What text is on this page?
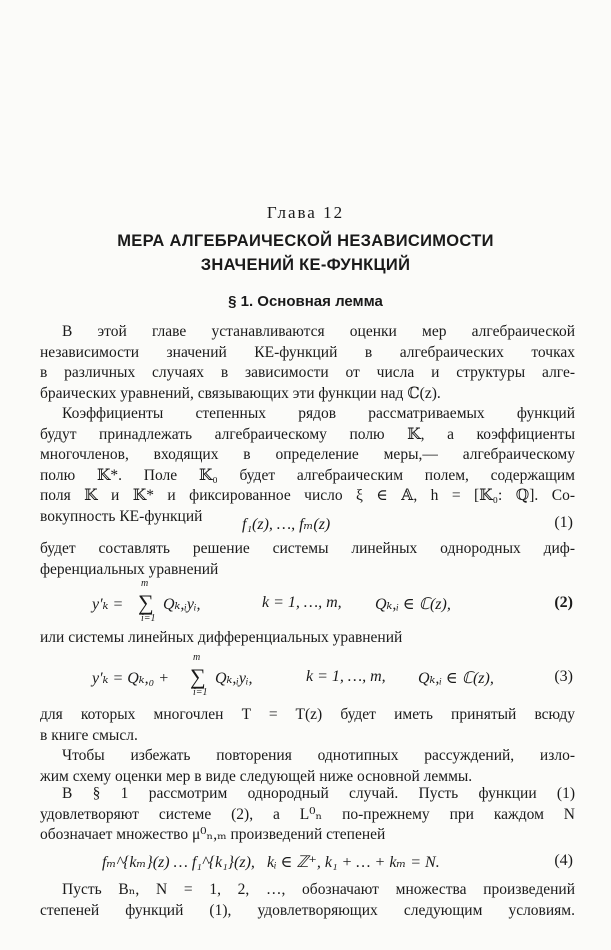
Глава 12
МЕРА АЛГЕБРАИЧЕСКОЙ НЕЗАВИСИМОСТИ
ЗНАЧЕНИЙ КЕ-ФУНКЦИЙ
§ 1. Основная лемма
В этой главе устанавливаются оценки мер алгебраической
независимости значений КЕ-функций в алгебраических точках
в различных случаях в зависимости от числа и структуры алге-
браических уравнений, связывающих эти функции над ℂ(z).
Коэффициенты степенных рядов рассматриваемых функций
будут принадлежать алгебраическому полю 𝕂, а коэффициенты
многочленов, входящих в определение меры,— алгебраическому
полю 𝕂*. Поле 𝕂₀ будет алгебраическим полем, содержащим
поля 𝕂 и 𝕂* и фиксированное число ξ ∈ 𝔸, h = [𝕂₀: ℚ]. Со-
вокупность КЕ-функций	f₁(z), …, fₘ(z)	(1)
будет составлять решение системы линейных однородных диф-
ференциальных уравнений
y′ₖ = ∑
m
i=1
Qₖ,ᵢyᵢ,	k = 1, …, m, Qₖ,ᵢ ∈ ℂ(z),	(2)
или системы линейных дифференциальных уравнений
y′ₖ = Qₖ,₀ + ∑
m
i=1
Qₖ,ᵢyᵢ,	k = 1, …, m, Qₖ,ᵢ ∈ ℂ(z),	(3)
для которых многочлен T = T(z) будет иметь принятый всюду
в книге смысл.
Чтобы избежать повторения однотипных рассуждений, изло-
жим схему оценки мер в виде следующей ниже основной леммы.
В § 1 рассмотрим однородный случай. Пусть функции (1)
удовлетворяют системе (2), а L⁰ₙ по-прежнему при каждом N
обозначает множество μ⁰ₙ,ₘ произведений степеней
fₘ^{kₘ}(z) … f₁^{k₁}(z), kᵢ ∈ ℤ⁺, k₁ + … + kₘ = N.	(4)
Пусть Bₙ, N = 1, 2, …, обозначают множества произведений
степеней функций (1), удовлетворяющих следующим условиям.
